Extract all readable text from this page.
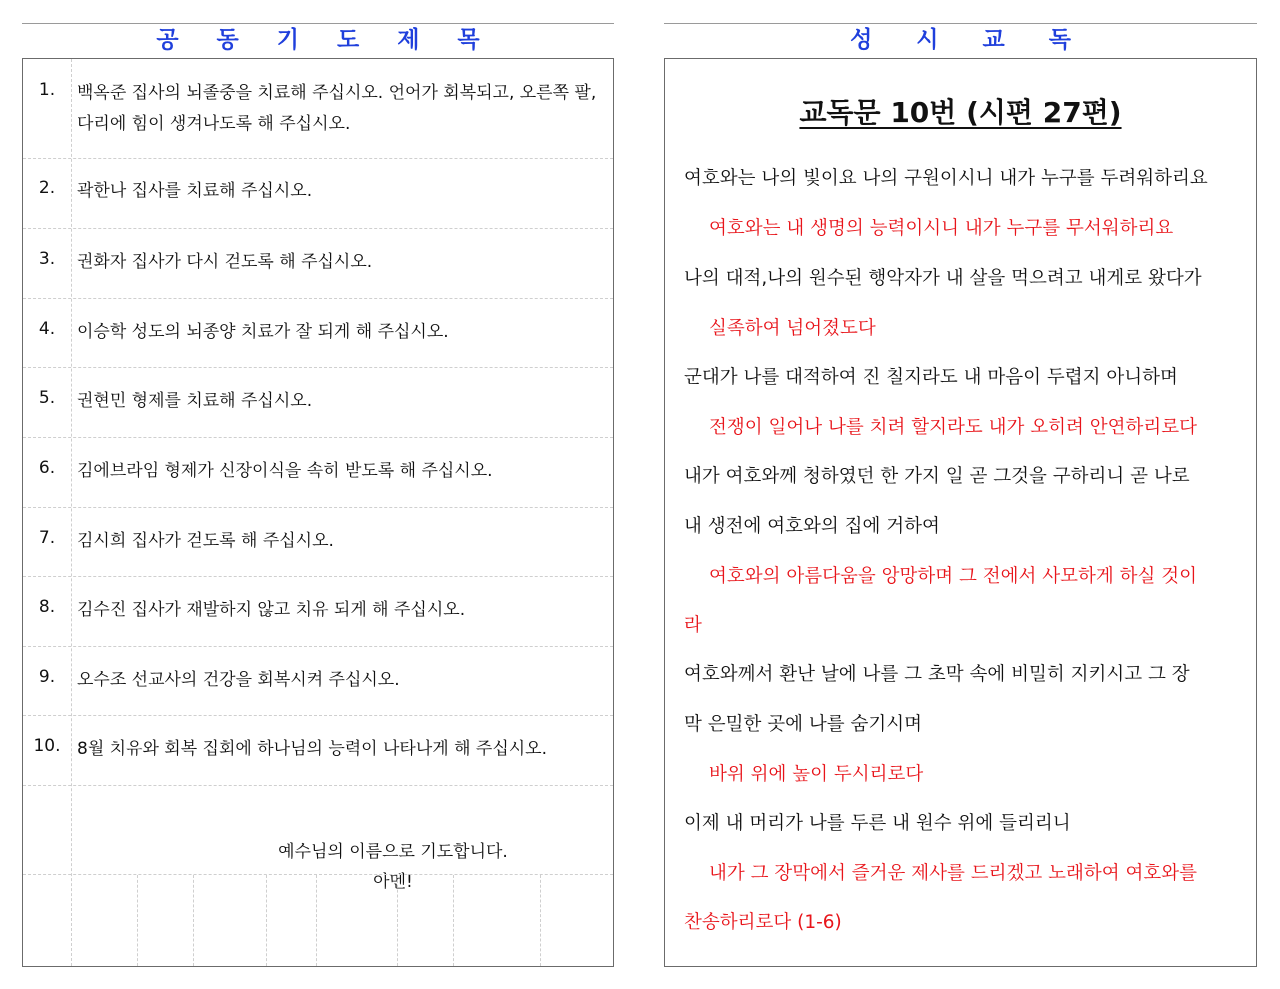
공동기도제목
1.	백옥준 집사의 뇌졸중을 치료해 주십시오. 언어가 회복되고, 오른쪽 팔, 다리에 힘이 생겨나도록 해 주십시오.
2.	곽한나 집사를 치료해 주십시오.
3.	권화자 집사가 다시 걷도록 해 주십시오.
4.	이승학 성도의 뇌종양 치료가 잘 되게 해 주십시오.
5.	권현민 형제를 치료해 주십시오.
6.	김에브라임 형제가 신장이식을 속히 받도록 해 주십시오.
7.	김시희 집사가 걷도록 해 주십시오.
8.	김수진 집사가 재발하지 않고 치유 되게 해 주십시오.
9.	오수조 선교사의 건강을 회복시켜 주십시오.
10. 8월 치유와 회복 집회에 하나님의 능력이 나타나게 해 주십시오.
예수님의 이름으로 기도합니다.
아멘!
성시교독
교독문 10번 (시편 27편)
여호와는 나의 빛이요 나의 구원이시니 내가 누구를 두려워하리요
여호와는 내 생명의 능력이시니 내가 누구를 무서워하리요
나의 대적,나의 원수된 행악자가 내 살을 먹으려고 내게로 왔다가
실족하여 넘어졌도다
군대가 나를 대적하여 진 칠지라도 내 마음이 두렵지 아니하며
전쟁이 일어나 나를 치려 할지라도 내가 오히려 안연하리로다
내가 여호와께 청하였던 한 가지 일 곧 그것을 구하리니 곧 나로
내 생전에 여호와의 집에 거하여
여호와의 아름다움을 앙망하며 그 전에서 사모하게 하실 것이
라
여호와께서 환난 날에 나를 그 초막 속에 비밀히 지키시고 그 장
막 은밀한 곳에 나를 숨기시며
바위 위에 높이 두시리로다
이제 내 머리가 나를 두른 내 원수 위에 들리리니
내가 그 장막에서 즐거운 제사를 드리겠고 노래하여 여호와를
찬송하리로다 (1-6)
